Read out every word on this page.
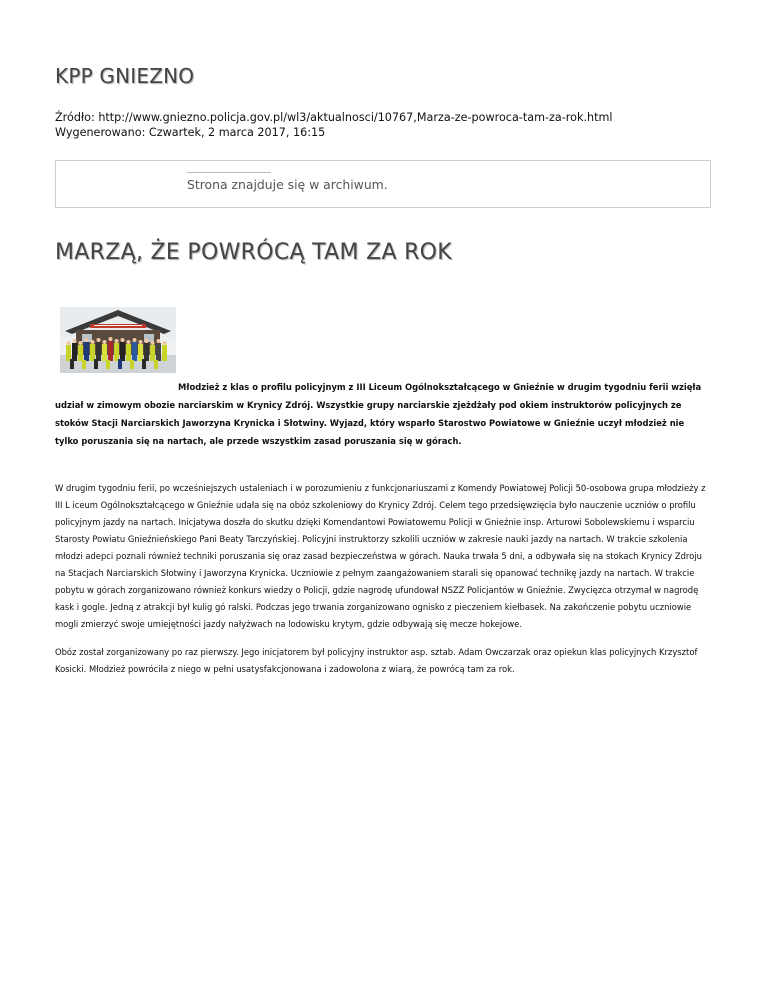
KPP GNIEZNO
Źródło: http://www.gniezno.policja.gov.pl/wl3/aktualnosci/10767,Marza-ze-powroca-tam-za-rok.html
Wygenerowano: Czwartek, 2 marca 2017, 16:15
Strona znajduje się w archiwum.
MARZĄ, ŻE POWRÓCĄ TAM ZA ROK
Młodzież z klas o profilu policyjnym z III Liceum Ogólnokształcącego w Gnieźnie w drugim tygodniu ferii wzięła udział w zimowym obozie narciarskim w Krynicy Zdrój. Wszystkie grupy narciarskie zjeżdżały pod okiem instruktorów policyjnych ze stoków Stacji Narciarskich Jaworzyna Krynicka i Słotwiny. Wyjazd, który wsparło Starostwo Powiatowe w Gnieźnie uczył młodzież nie tylko poruszania się na nartach, ale przede wszystkim zasad poruszania się w górach.

W drugim tygodniu ferii, po wcześniejszych ustaleniach i w porozumieniu z funkcjonariuszami z Komendy Powiatowej Policji 50-osobowa grupa młodzieży z III L iceum Ogólnokształcącego w Gnieźnie udała się na obóz szkoleniowy do Krynicy Zdrój. Celem tego przedsięwzięcia było nauczenie uczniów o profilu policyjnym jazdy na nartach. Inicjatywa doszła do skutku dzięki Komendantowi Powiatowemu Policji w Gnieźnie insp. Arturowi Sobolewskiemu i wsparciu Starosty Powiatu Gnieźnieńskiego Pani Beaty Tarczyńskiej. Policyjni instruktorzy szkolili uczniów w zakresie nauki jazdy na nartach. W trakcie szkolenia młodzi adepci poznali również techniki poruszania się oraz zasad bezpieczeństwa w górach. Nauka trwała 5 dni, a odbywała się na stokach Krynicy Zdroju na Stacjach Narciarskich Słotwiny i Jaworzyna Krynicka. Uczniowie z pełnym zaangażowaniem starali się opanować technikę jazdy na nartach. W trakcie pobytu w górach zorganizowano również konkurs wiedzy o Policji, gdzie nagrodę ufundował NSZZ Policjantów w Gnieźnie. Zwycięzca otrzymał w nagrodę kask i gogle. Jedną z atrakcji był kulig gó ralski. Podczas jego trwania zorganizowano ognisko z pieczeniem kiełbasek. Na zakończenie pobytu uczniowie mogli zmierzyć swoje umiejętności jazdy nałyżwach na lodowisku krytym, gdzie odbywają się mecze hokejowe.

Obóz został zorganizowany po raz pierwszy. Jego inicjatorem był policyjny instruktor asp. sztab. Adam Owczarzak oraz opiekun klas policyjnych Krzysztof Kosicki. Młodzież powróciła z niego w pełni usatysfakcjonowana i zadowolona z wiarą, że powrócą tam za rok.
